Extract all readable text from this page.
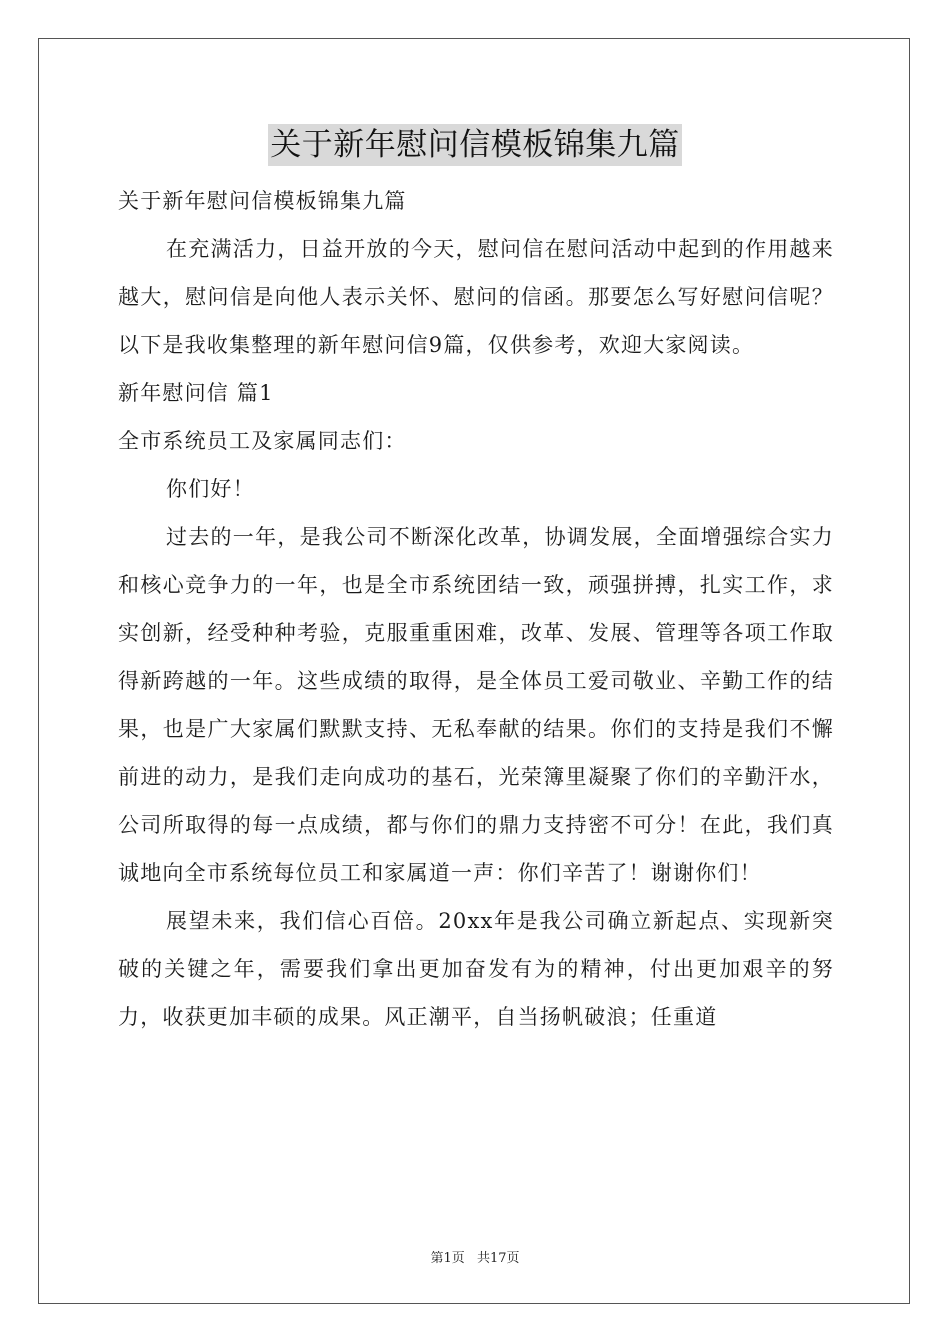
关于新年慰问信模板锦集九篇

关于新年慰问信模板锦集九篇

在充满活力，日益开放的今天，慰问信在慰问活动中起到的作用越来越大，慰问信是向他人表示关怀、慰问的信函。那要怎么写好慰问信呢？以下是我收集整理的新年慰问信9篇，仅供参考，欢迎大家阅读。

新年慰问信 篇1

全市系统员工及家属同志们：

你们好！

过去的一年，是我公司不断深化改革，协调发展，全面增强综合实力和核心竞争力的一年，也是全市系统团结一致，顽强拼搏，扎实工作，求实创新，经受种种考验，克服重重困难，改革、发展、管理等各项工作取得新跨越的一年。这些成绩的取得，是全体员工爱司敬业、辛勤工作的结果，也是广大家属们默默支持、无私奉献的结果。你们的支持是我们不懈前进的动力，是我们走向成功的基石，光荣簿里凝聚了你们的辛勤汗水，公司所取得的每一点成绩，都与你们的鼎力支持密不可分！在此，我们真诚地向全市系统每位员工和家属道一声：你们辛苦了！谢谢你们！

展望未来，我们信心百倍。20xx年是我公司确立新起点、实现新突破的关键之年，需要我们拿出更加奋发有为的精神，付出更加艰辛的努力，收获更加丰硕的成果。风正潮平，自当扬帆破浪；任重道

第1页 共17页
